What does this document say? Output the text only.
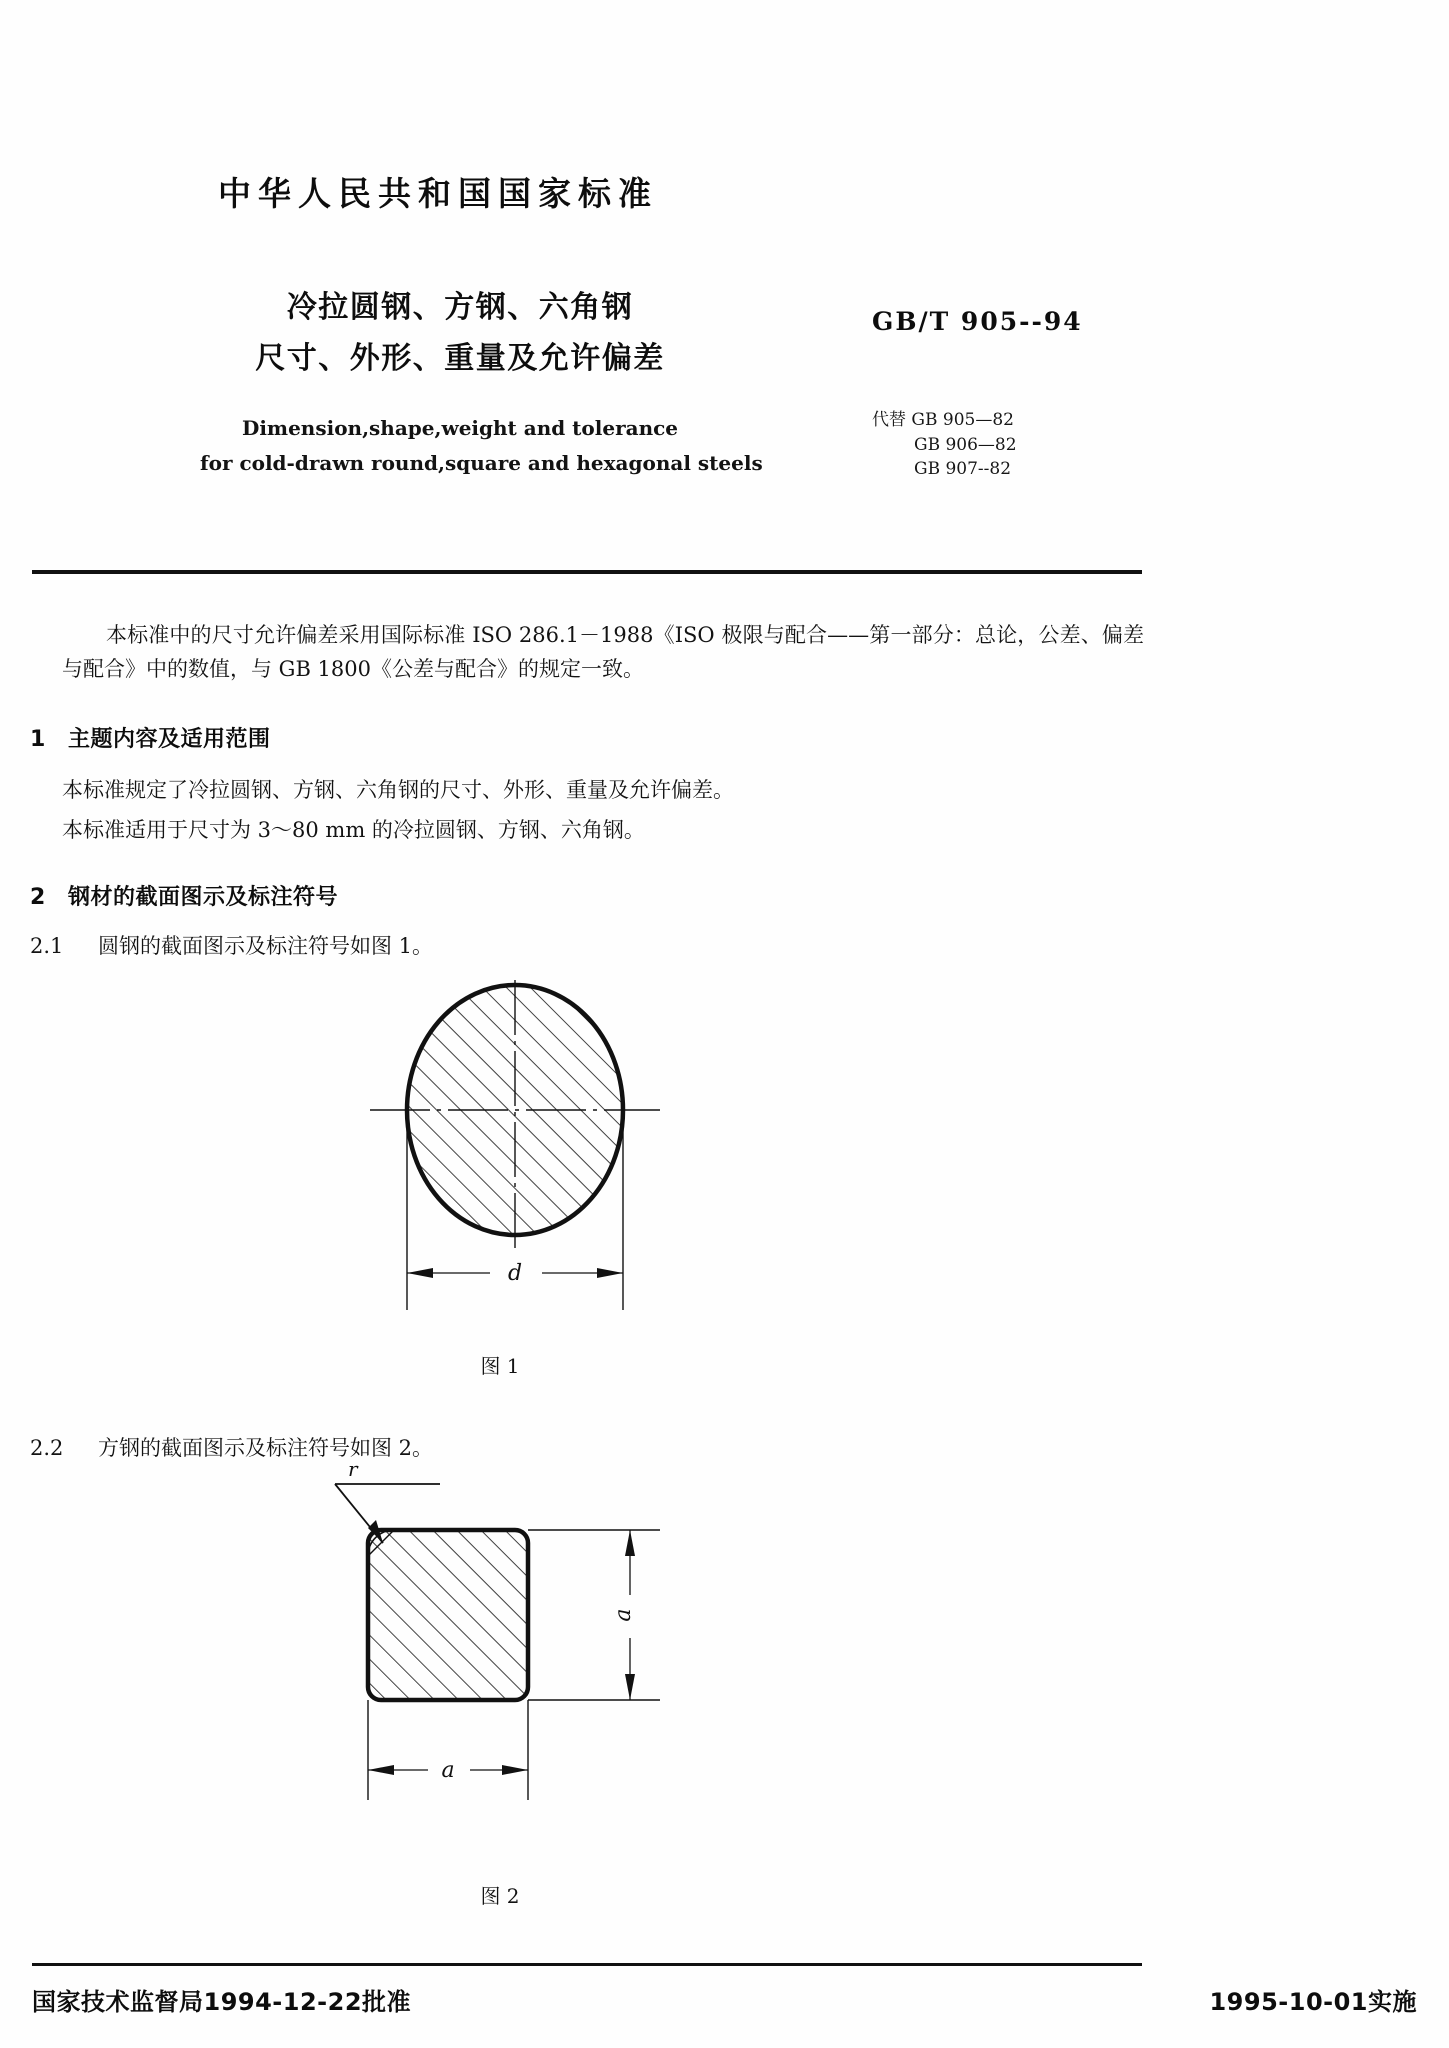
中华人民共和国国家标准
冷拉圆钢、方钢、六角钢
尺寸、外形、重量及允许偏差
Dimension,shape,weight and tolerance
for cold-drawn round,square and hexagonal steels
GB/T 905--94
代替 GB 905—82
GB 906—82
GB 907--82
本标准中的尺寸允许偏差采用国际标准 ISO 286.1－1988《ISO 极限与配合——第一部分：总论，公差、偏差与配合》中的数值，与 GB 1800《公差与配合》的规定一致。
1 主题内容及适用范围
本标准规定了冷拉圆钢、方钢、六角钢的尺寸、外形、重量及允许偏差。
本标准适用于尺寸为 3～80 mm 的冷拉圆钢、方钢、六角钢。
2 钢材的截面图示及标注符号
2.1 圆钢的截面图示及标注符号如图 1。
d
图 1
2.2 方钢的截面图示及标注符号如图 2。
r
a
a
图 2
国家技术监督局1994-12-22批准	1995-10-01实施
